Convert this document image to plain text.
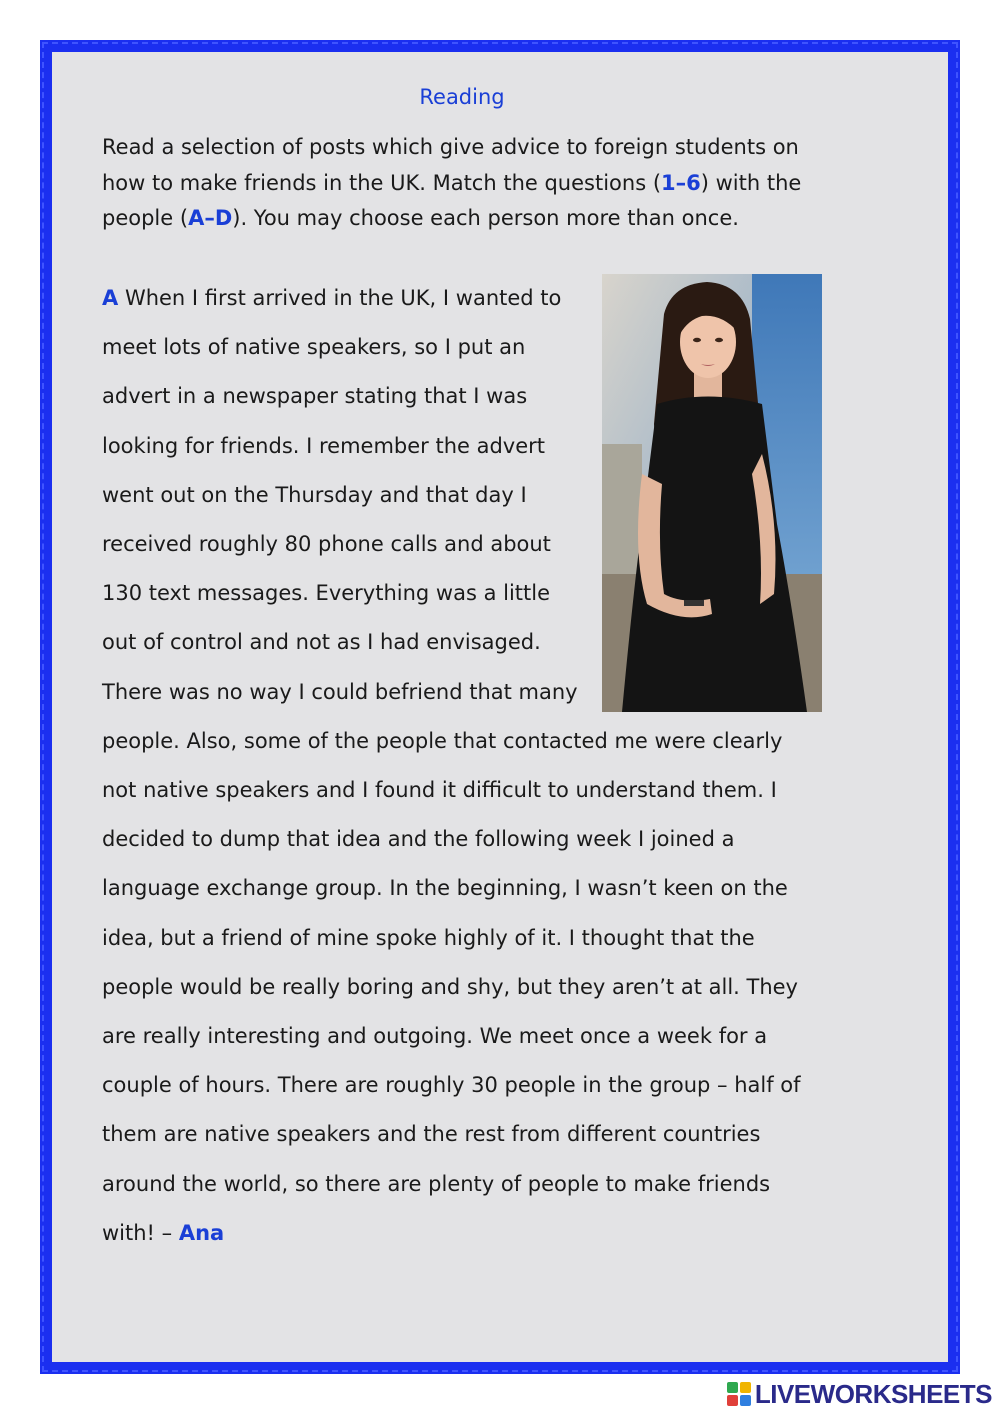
Reading
Read a selection of posts which give advice to foreign students on how to make friends in the UK. Match the questions (1–6) with the people (A–D). You may choose each person more than once.
A When I first arrived in the UK, I wanted to meet lots of native speakers, so I put an advert in a newspaper stating that I was looking for friends. I remember the advert went out on the Thursday and that day I received roughly 80 phone calls and about 130 text messages. Everything was a little out of control and not as I had envisaged. There was no way I could befriend that many people. Also, some of the people that contacted me were clearly not native speakers and I found it difficult to understand them. I decided to dump that idea and the following week I joined a language exchange group. In the beginning, I wasn’t keen on the idea, but a friend of mine spoke highly of it. I thought that the people would be really boring and shy, but they aren’t at all. They are really interesting and outgoing. We meet once a week for a couple of hours. There are roughly 30 people in the group – half of them are native speakers and the rest from different countries around the world, so there are plenty of people to make friends with! – Ana
LIVEWORKSHEETS
